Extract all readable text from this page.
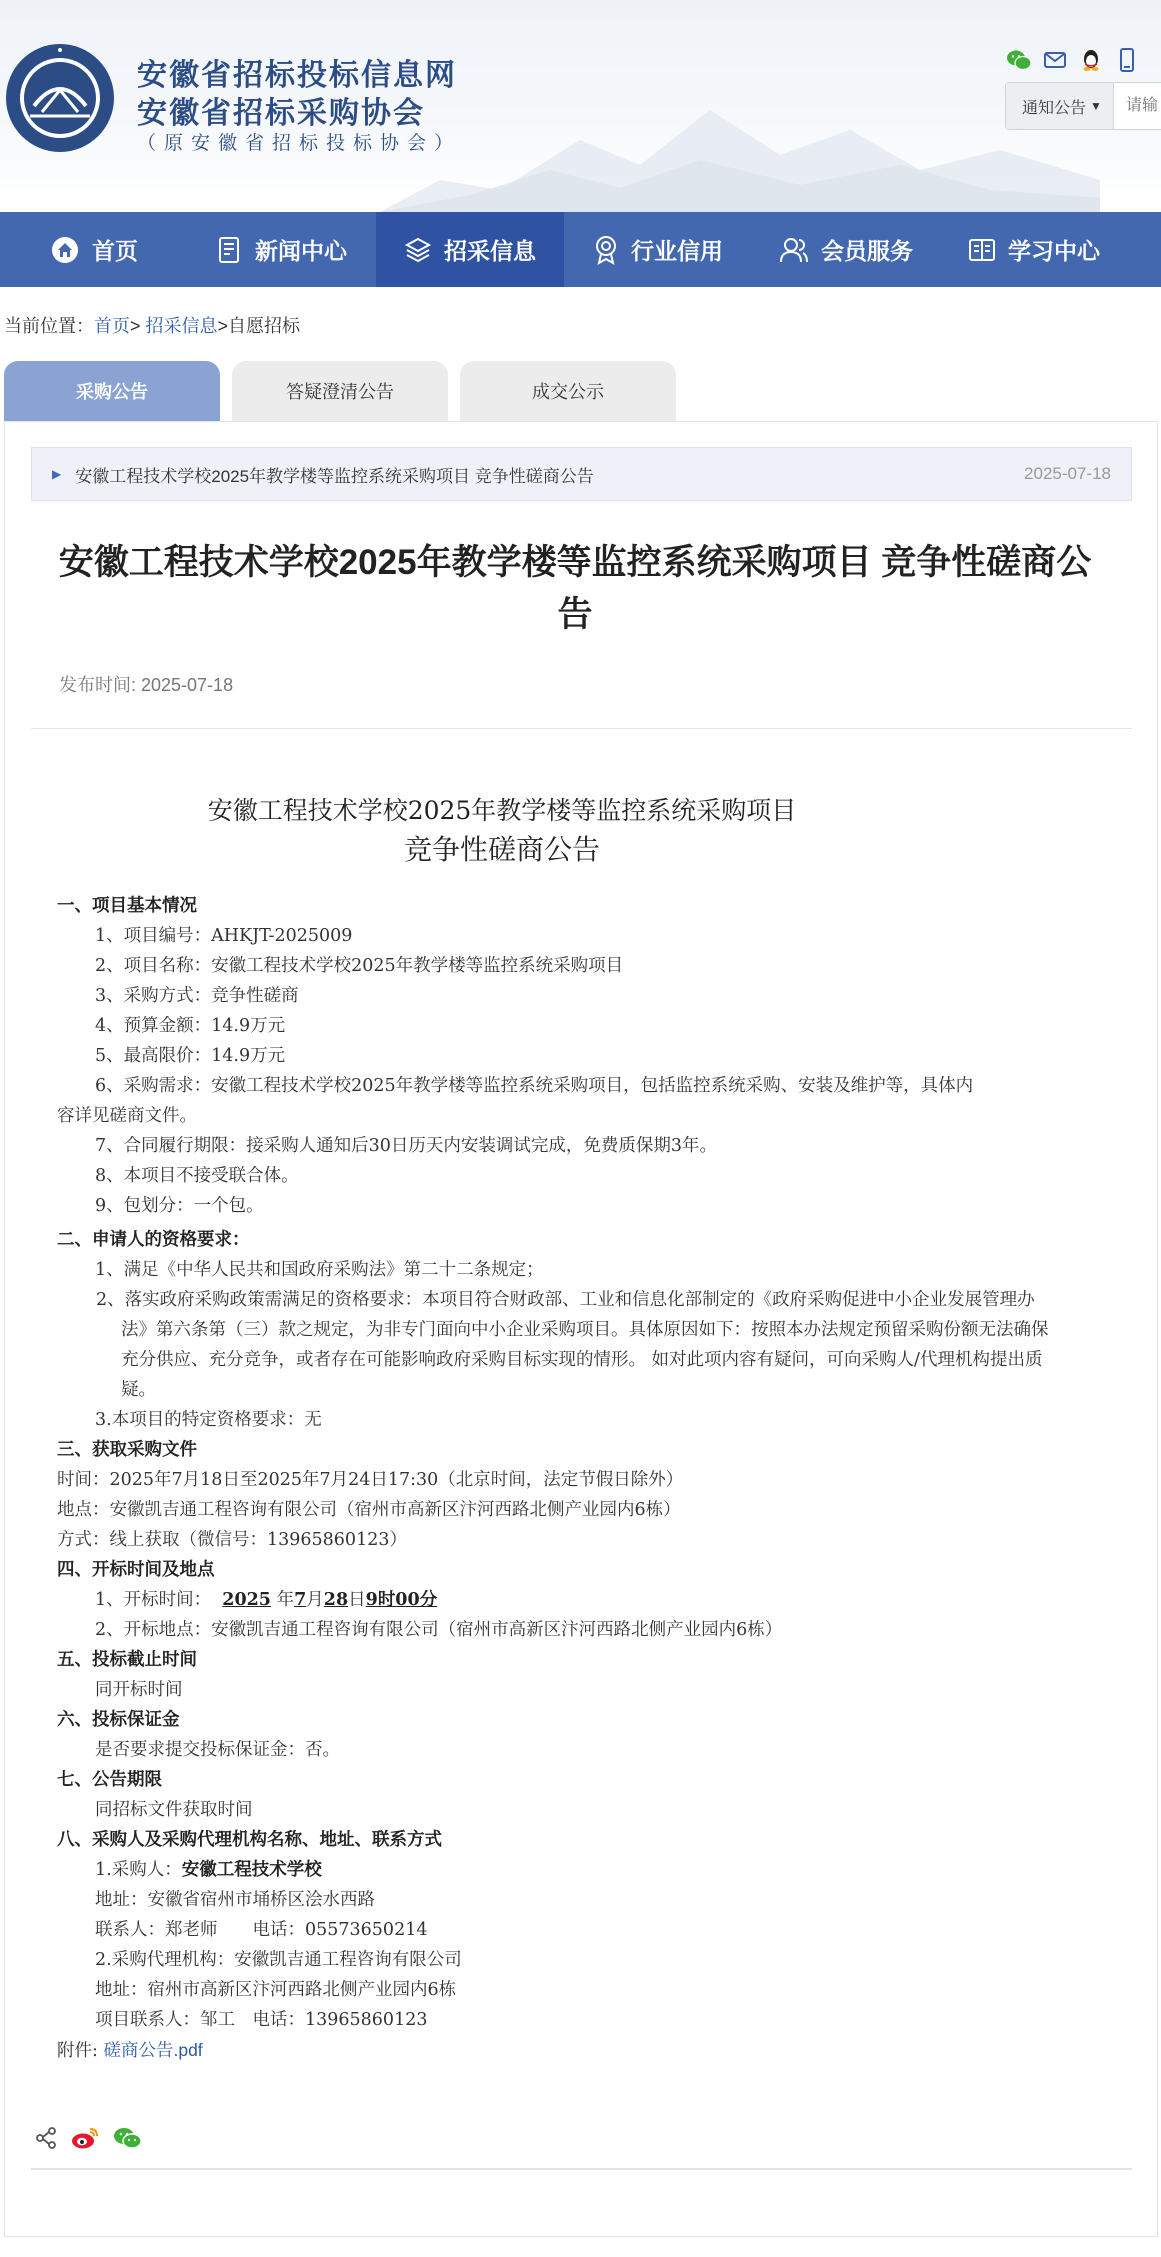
安徽省招标投标信息网
安徽省招标采购协会
（原安徽省招标投标协会）
通知公告 ▼
请输
首页	新闻中心	招采信息	行业信用	会员服务	学习中心
当前位置：首页> 招采信息>自愿招标
采购公告	答疑澄清公告	成交公示
▶ 安徽工程技术学校2025年教学楼等监控系统采购项目 竞争性磋商公告	2025-07-18
安徽工程技术学校2025年教学楼等监控系统采购项目 竞争性磋商公告
发布时间: 2025-07-18
安徽工程技术学校2025年教学楼等监控系统采购项目
竞争性磋商公告
一、项目基本情况
1、项目编号：AHKJT-2025009
2、项目名称：安徽工程技术学校2025年教学楼等监控系统采购项目
3、采购方式：竞争性磋商
4、预算金额：14.9万元
5、最高限价：14.9万元
6、采购需求：安徽工程技术学校2025年教学楼等监控系统采购项目，包括监控系统采购、安装及维护等，具体内
容详见磋商文件。
7、合同履行期限：接采购人通知后30日历天内安装调试完成，免费质保期3年。
8、本项目不接受联合体。
9、包划分：一个包。
二、申请人的资格要求：
1、满足《中华人民共和国政府采购法》第二十二条规定；
2、落实政府采购政策需满足的资格要求：本项目符合财政部、工业和信息化部制定的《政府采购促进中小企业发展管理办法》第六条第（三）款之规定，为非专门面向中小企业采购项目。具体原因如下：按照本办法规定预留采购份额无法确保充分供应、充分竞争，或者存在可能影响政府采购目标实现的情形。 如对此项内容有疑问，可向采购人/代理机构提出质疑。
3.本项目的特定资格要求：无
三、获取采购文件
时间：2025年7月18日至2025年7月24日17:30（北京时间，法定节假日除外）
地点：安徽凯吉通工程咨询有限公司（宿州市高新区汴河西路北侧产业园内6栋）
方式：线上获取（微信号：13965860123）
四、开标时间及地点
1、开标时间： 2025 年7月28日9时00分
2、开标地点：安徽凯吉通工程咨询有限公司（宿州市高新区汴河西路北侧产业园内6栋）
五、投标截止时间
同开标时间
六、投标保证金
是否要求提交投标保证金：否。
七、公告期限
同招标文件获取时间
八、采购人及采购代理机构名称、地址、联系方式
1.采购人：安徽工程技术学校
地址：安徽省宿州市埇桥区浍水西路
联系人：郑老师　　电话：05573650214
2.采购代理机构：安徽凯吉通工程咨询有限公司
地址：宿州市高新区汴河西路北侧产业园内6栋
项目联系人：邹工　电话：13965860123
附件: 磋商公告.pdf
